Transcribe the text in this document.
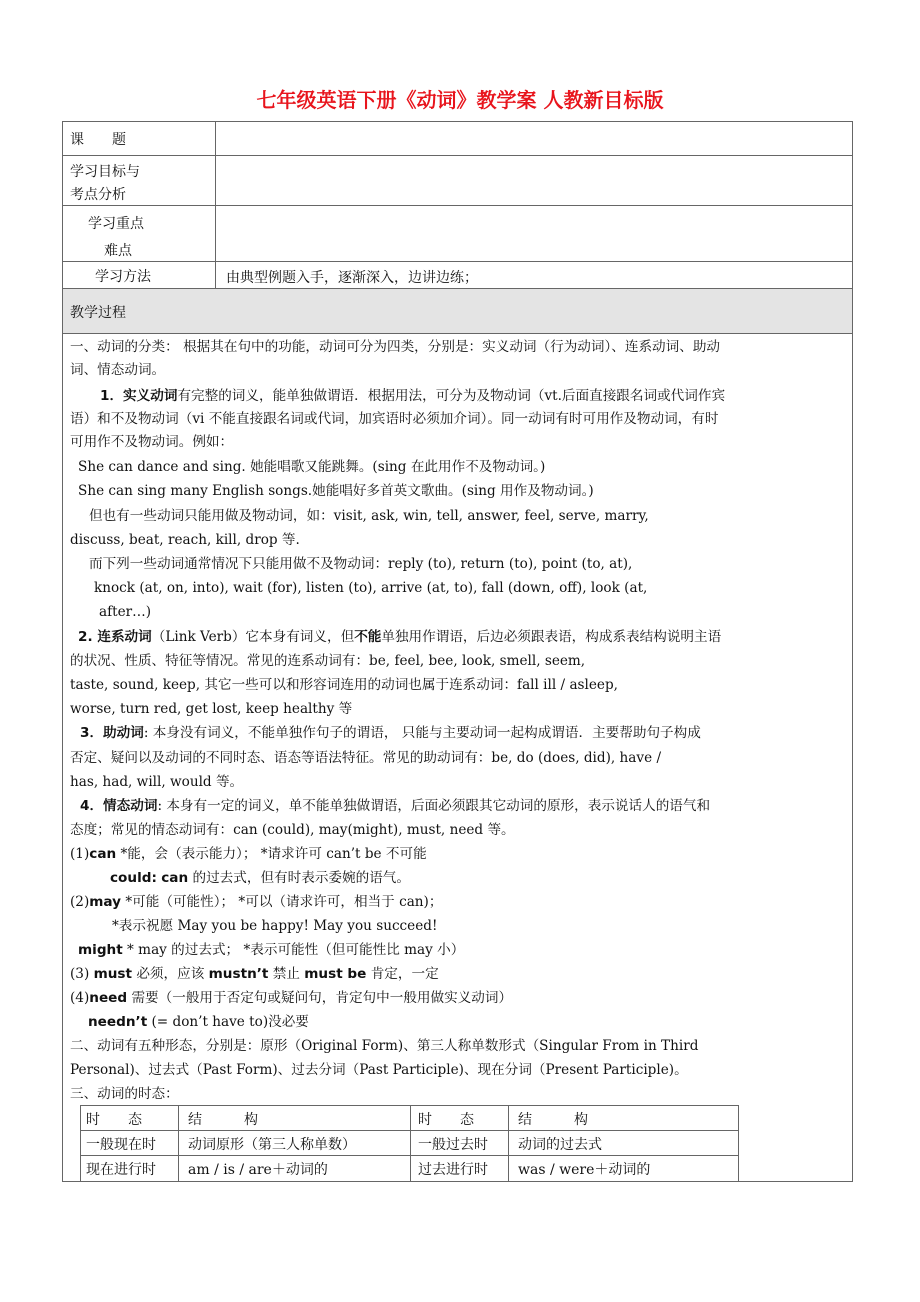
七年级英语下册《动词》教学案 人教新目标版
课　　题
学习目标与
考点分析
学习重点
难点
学习方法	由典型例题入手，逐渐深入，边讲边练；
教学过程
一、动词的分类： 根据其在句中的功能，动词可分为四类，分别是：实义动词（行为动词）、连系动词、助动
词、情态动词。
1．实义动词有完整的词义，能单独做谓语．根据用法，可分为及物动词（vt.后面直接跟名词或代词作宾
语）和不及物动词（vi 不能直接跟名词或代词，加宾语时必须加介词）。同一动词有时可用作及物动词，有时
可用作不及物动词。例如：
She can dance and sing. 她能唱歌又能跳舞。(sing 在此用作不及物动词。)
She can sing many English songs.她能唱好多首英文歌曲。(sing 用作及物动词。)
但也有一些动词只能用做及物动词，如：visit, ask, win, tell, answer, feel, serve, marry,
discuss, beat, reach, kill, drop 等.
而下列一些动词通常情况下只能用做不及物动词：reply (to), return (to), point (to, at),
knock (at, on, into), wait (for), listen (to), arrive (at, to), fall (down, off), look (at,
after…)
2. 连系动词（Link Verb）它本身有词义，但不能单独用作谓语，后边必须跟表语，构成系表结构说明主语
的状况、性质、特征等情况。常见的连系动词有：be, feel, bee, look, smell, seem,
taste, sound, keep, 其它一些可以和形容词连用的动词也属于连系动词：fall ill / asleep,
worse, turn red, get lost, keep healthy 等
3．助动词: 本身没有词义，不能单独作句子的谓语， 只能与主要动词一起构成谓语．主要帮助句子构成
否定、疑问以及动词的不同时态、语态等语法特征。常见的助动词有：be, do (does, did), have /
has, had, will, would 等。
4．情态动词: 本身有一定的词义，单不能单独做谓语，后面必须跟其它动词的原形，表示说话人的语气和
态度；常见的情态动词有：can (could), may(might), must, need 等。
(1)can *能，会（表示能力）； *请求许可 can’t be 不可能
could: can 的过去式，但有时表示委婉的语气。
(2)may *可能（可能性）； *可以（请求许可，相当于 can)；
*表示祝愿 May you be happy! May you succeed!
might * may 的过去式； *表示可能性（但可能性比 may 小）
(3) must 必须，应该 mustn’t 禁止 must be 肯定，一定
(4)need 需要（一般用于否定句或疑问句，肯定句中一般用做实义动词）
needn’t (= don’t have to)没必要
二、动词有五种形态，分别是：原形（Original Form)、第三人称单数形式（Singular From in Third
Personal)、过去式（Past Form)、过去分词（Past Participle)、现在分词（Present Participle)。
三、动词的时态：
时　　态	结　　　构	时　　态	结　　　构
一般现在时 动词原形（第三人称单数）	一般过去时 动词的过去式
现在进行时 am / is / are＋动词的	过去进行时 was / were＋动词的
